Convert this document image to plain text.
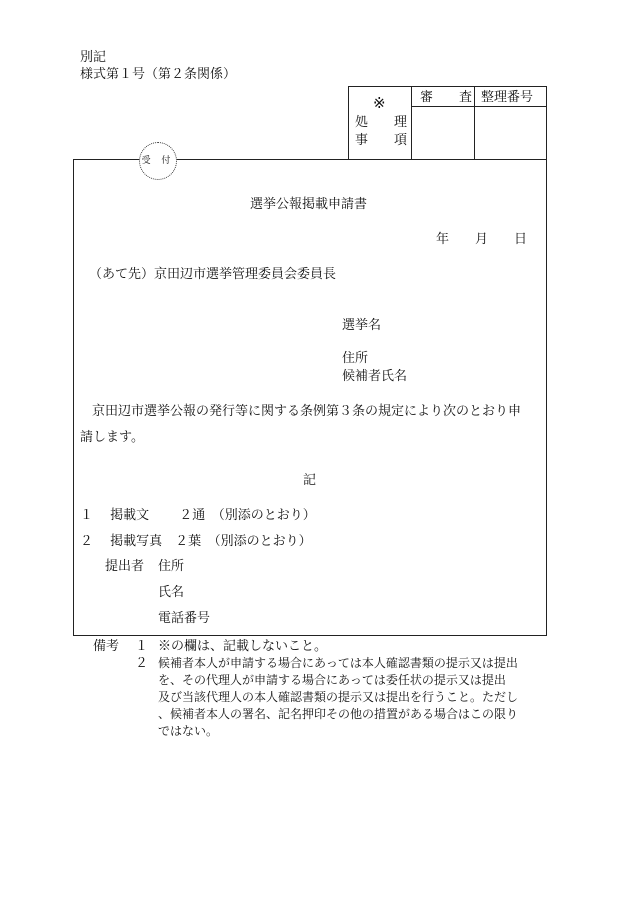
別記
様式第１号（第２条関係）
※
処　　理
事　　項
審　　査 整理番号
受 付
選挙公報掲載申請書
年　　月　　日
（あて先）京田辺市選挙管理委員会委員長
選挙名
住所
候補者氏名
京田辺市選挙公報の発行等に関する条例第３条の規定により次のとおり申
請します。
記
１　 掲載文　　 ２通　（別添のとおり）
２　 掲載写真　２葉　（別添のとおり）
提出者 住所
氏名
電話番号
備考 １ ※の欄は、記載しないこと。
２ 候補者本人が申請する場合にあっては本人確認書類の提示又は提出
を、その代理人が申請する場合にあっては委任状の提示又は提出
及び当該代理人の本人確認書類の提示又は提出を行うこと。ただし
、候補者本人の署名、記名押印その他の措置がある場合はこの限り
ではない。
